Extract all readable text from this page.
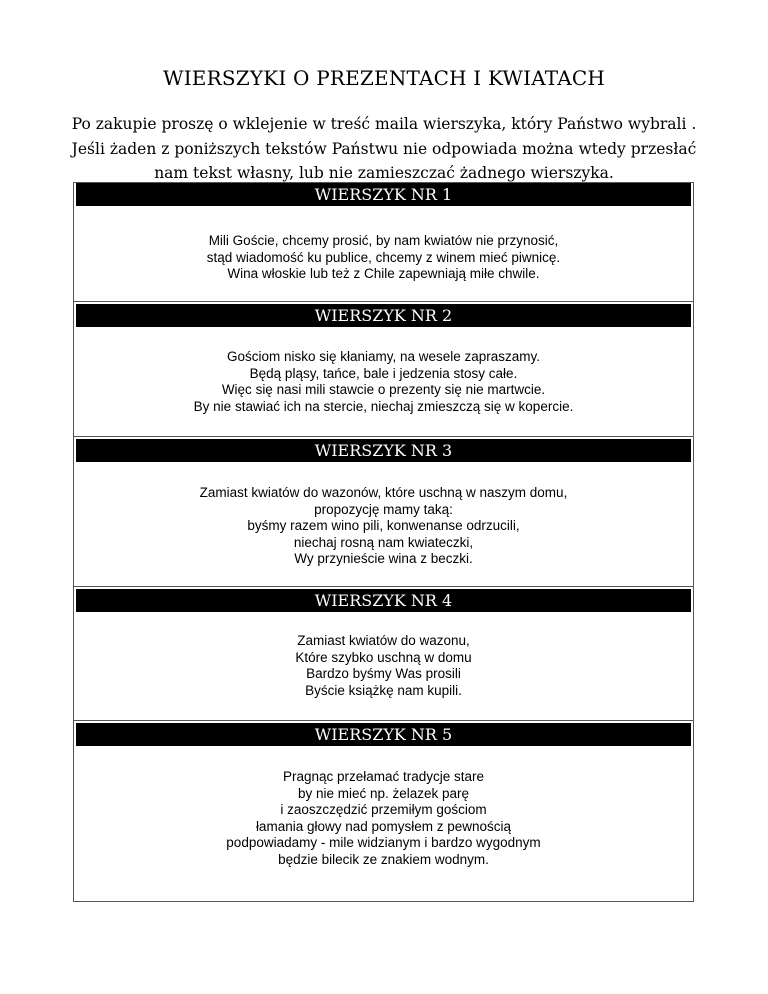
WIERSZYKI O PREZENTACH I KWIATACH
Po zakupie proszę o wklejenie w treść maila wierszyka, który Państwo wybrali .
Jeśli żaden z poniższych tekstów Państwu nie odpowiada można wtedy przesłać
nam tekst własny, lub nie zamieszczać żadnego wierszyka.
WIERSZYK NR 1
Mili Goście, chcemy prosić, by nam kwiatów nie przynosić,
stąd wiadomość ku publice, chcemy z winem mieć piwnicę.
Wina włoskie lub też z Chile zapewniają miłe chwile.
WIERSZYK NR 2
Gościom nisko się kłaniamy, na wesele zapraszamy.
Będą pląsy, tańce, bale i jedzenia stosy całe.
Więc się nasi mili stawcie o prezenty się nie martwcie.
By nie stawiać ich na stercie, niechaj zmieszczą się w kopercie.
WIERSZYK NR 3
Zamiast kwiatów do wazonów, które uschną w naszym domu,
propozycję mamy taką:
byśmy razem wino pili, konwenanse odrzucili,
niechaj rosną nam kwiateczki,
Wy przynieście wina z beczki.
WIERSZYK NR 4
Zamiast kwiatów do wazonu,
Które szybko uschną w domu
Bardzo byśmy Was prosili
Byście książkę nam kupili.
WIERSZYK NR 5
Pragnąc przełamać tradycje stare
by nie mieć np. żelazek parę
i zaoszczędzić przemiłym gościom
łamania głowy nad pomysłem z pewnością
podpowiadamy - mile widzianym i bardzo wygodnym
będzie bilecik ze znakiem wodnym.
